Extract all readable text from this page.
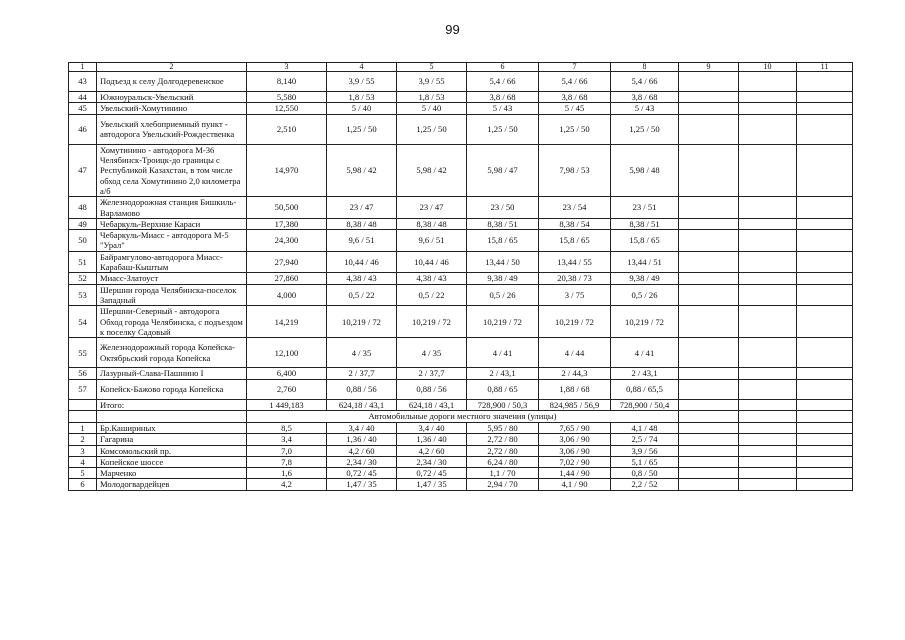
99
1	2	3	4	5	6	7	8	9	10	11
43	Подъезд к селу Долгодеревенское	8,140	3,9 / 55	3,9 / 55	5,4 / 66	5,4 / 66	5,4 / 66			
44	Южноуральск-Увельский	5,580	1,8 / 53	1,8 / 53	3,8 / 68	3,8 / 68	3,8 / 68			
45	Увельский-Хомутинино	12,550	5 / 40	5 / 40	5 / 43	5 / 45	5 / 43			
46	Увельский хлебоприемный пункт - автодорога Увельский-Рождественка	2,510	1,25 / 50	1,25 / 50	1,25 / 50	1,25 / 50	1,25 / 50			
47	Хомутинино - автодорога М-36 Челябинск-Троицк-до границы с Республикой Казахстан, в том числе обход села Хомутинино 2,0 километра а/б	14,970	5,98 / 42	5,98 / 42	5,98 / 47	7,98 / 53	5,98 / 48			
48	Железнодорожная станция Бишкиль-Варламово	50,500	23 / 47	23 / 47	23 / 50	23 / 54	23 / 51			
49	Чебаркуль-Верхние Караси	17,380	8,38 / 48	8,38 / 48	8,38 / 51	8,38 / 54	8,38 / 51			
50	Чебаркуль-Миасс - автодорога М-5 "Урал"	24,300	9,6 / 51	9,6 / 51	15,8 / 65	15,8 / 65	15,8 / 65			
51	Байрамгулово-автодорога Миасс-Карабаш-Кыштым	27,940	10,44 / 46	10,44 / 46	13,44 / 50	13,44 / 55	13,44 / 51			
52	Миасс-Златоуст	27,860	4,38 / 43	4,38 / 43	9,38 / 49	20,38 / 73	9,38 / 49			
53	Шершни города Челябинска-поселок Западный	4,000	0,5 / 22	0,5 / 22	0,5 / 26	3 / 75	0,5 / 26			
54	Шершни-Северный - автодорога Обход города Челябинска, с подъездом к поселку Садовый	14,219	10,219 / 72	10,219 / 72	10,219 / 72	10,219 / 72	10,219 / 72			
55	Железнодорожный города Копейска-Октябрьский города Копейска	12,100	4 / 35	4 / 35	4 / 41	4 / 44	4 / 41			
56	Лазурный-Слава-Пашнино I	6,400	2 / 37,7	2 / 37,7	2 / 43,1	2 / 44,3	2 / 43,1			
57	Копейск-Бажово города Копейска	2,760	0,88 / 56	0,88 / 56	0,88 / 65	1,88 / 68	0,88 / 65,5			
	Итого:	1 449,183	624,18 / 43,1	624,18 / 43,1	728,900 / 50,3	824,985 / 56,9	728,900 / 50,4			
		Автомобильные дороги местного значения (улицы)								
1	Бр.Кашириных	8,5	3,4 / 40	3,4 / 40	5,95 / 80	7,65 / 90	4,1 / 48			
2	Гагарина	3,4	1,36 / 40	1,36 / 40	2,72 / 80	3,06 / 90	2,5 / 74			
3	Комсомольский пр.	7,0	4,2 / 60	4,2 / 60	2,72 / 80	3,06 / 90	3,9 / 56			
4	Копейское шоссе	7,8	2,34 / 30	2,34 / 30	6,24 / 80	7,02 / 90	5,1 / 65			
5	Марченко	1,6	0,72 / 45	0,72 / 45	1,1 / 70	1,44 / 90	0,8 / 50			
6	Молодогвардейцев	4,2	1,47 / 35	1,47 / 35	2,94 / 70	4,1 / 90	2,2 / 52			
